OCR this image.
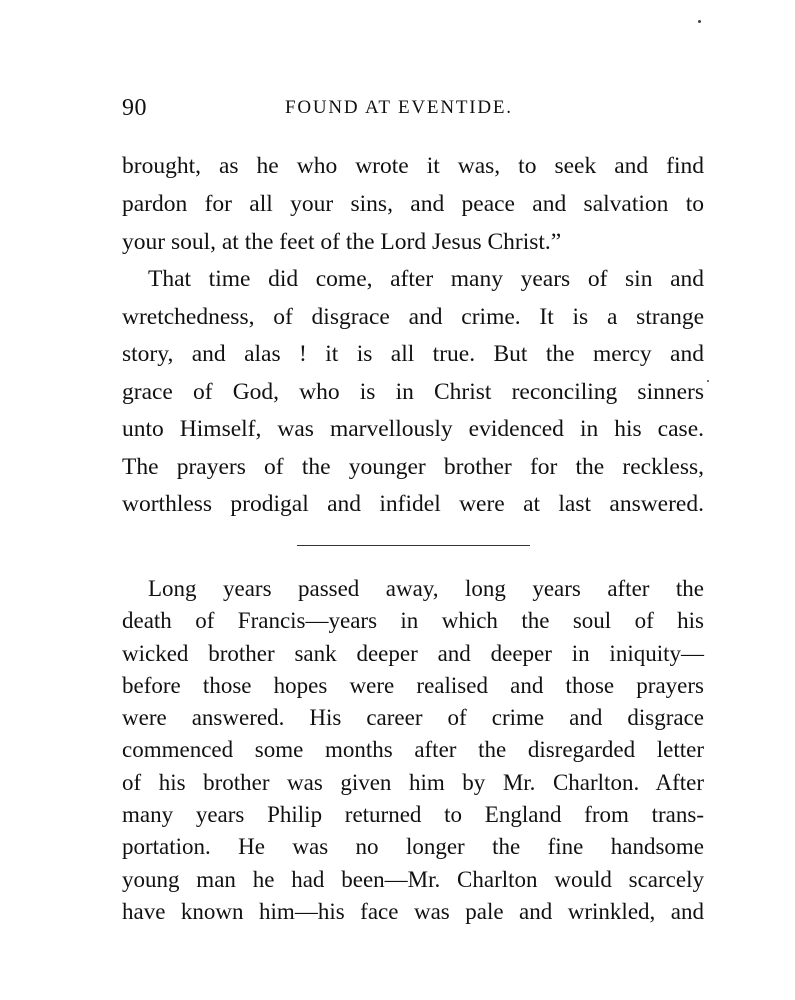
90	FOUND AT EVENTIDE.
brought, as he who wrote it was, to seek and find
pardon for all your sins, and peace and salvation to
your soul, at the feet of the Lord Jesus Christ.”
That time did come, after many years of sin and
wretchedness, of disgrace and crime. It is a strange
story, and alas ! it is all true. But the mercy and
grace of God, who is in Christ reconciling sinners
unto Himself, was marvellously evidenced in his case.
The prayers of the younger brother for the reckless,
worthless prodigal and infidel were at last answered.
Long years passed away, long years after the
death of Francis—years in which the soul of his
wicked brother sank deeper and deeper in iniquity—
before those hopes were realised and those prayers
were answered. His career of crime and disgrace
commenced some months after the disregarded letter
of his brother was given him by Mr. Charlton. After
many years Philip returned to England from trans-
portation. He was no longer the fine handsome
young man he had been—Mr. Charlton would scarcely
have known him—his face was pale and wrinkled, and
